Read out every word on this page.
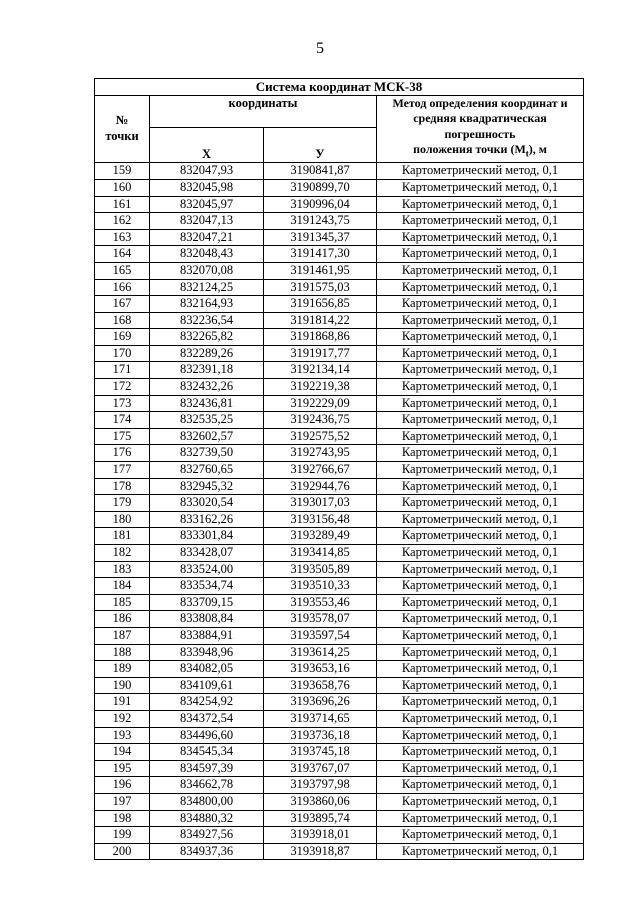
5
Система координат МСК-38			

№
точки	координаты		Метод определения координат и
средняя квадратическая погрешность
положения точки $(M_t)$, м

	X	У	
159	832047,93	3190841,87	Картометрический метод, 0,1
160	832045,98	3190899,70	Картометрический метод, 0,1
161	832045,97	3190996,04	Картометрический метод, 0,1
162	832047,13	3191243,75	Картометрический метод, 0,1
163	832047,21	3191345,37	Картометрический метод, 0,1
164	832048,43	3191417,30	Картометрический метод, 0,1
165	832070,08	3191461,95	Картометрический метод, 0,1
166	832124,25	3191575,03	Картометрический метод, 0,1
167	832164,93	3191656,85	Картометрический метод, 0,1
168	832236,54	3191814,22	Картометрический метод, 0,1
169	832265,82	3191868,86	Картометрический метод, 0,1
170	832289,26	3191917,77	Картометрический метод, 0,1
171	832391,18	3192134,14	Картометрический метод, 0,1
172	832432,26	3192219,38	Картометрический метод, 0,1
173	832436,81	3192229,09	Картометрический метод, 0,1
174	832535,25	3192436,75	Картометрический метод, 0,1
175	832602,57	3192575,52	Картометрический метод, 0,1
176	832739,50	3192743,95	Картометрический метод, 0,1
177	832760,65	3192766,67	Картометрический метод, 0,1
178	832945,32	3192944,76	Картометрический метод, 0,1
179	833020,54	3193017,03	Картометрический метод, 0,1
180	833162,26	3193156,48	Картометрический метод, 0,1
181	833301,84	3193289,49	Картометрический метод, 0,1
182	833428,07	3193414,85	Картометрический метод, 0,1
183	833524,00	3193505,89	Картометрический метод, 0,1
184	833534,74	3193510,33	Картометрический метод, 0,1
185	833709,15	3193553,46	Картометрический метод, 0,1
186	833808,84	3193578,07	Картометрический метод, 0,1
187	833884,91	3193597,54	Картометрический метод, 0,1
188	833948,96	3193614,25	Картометрический метод, 0,1
189	834082,05	3193653,16	Картометрический метод, 0,1
190	834109,61	3193658,76	Картометрический метод, 0,1
191	834254,92	3193696,26	Картометрический метод, 0,1
192	834372,54	3193714,65	Картометрический метод, 0,1
193	834496,60	3193736,18	Картометрический метод, 0,1
194	834545,34	3193745,18	Картометрический метод, 0,1
195	834597,39	3193767,07	Картометрический метод, 0,1
196	834662,78	3193797,98	Картометрический метод, 0,1
197	834800,00	3193860,06	Картометрический метод, 0,1
198	834880,32	3193895,74	Картометрический метод, 0,1
199	834927,56	3193918,01	Картометрический метод, 0,1
200	834937,36	3193918,87	Картометрический метод, 0,1
